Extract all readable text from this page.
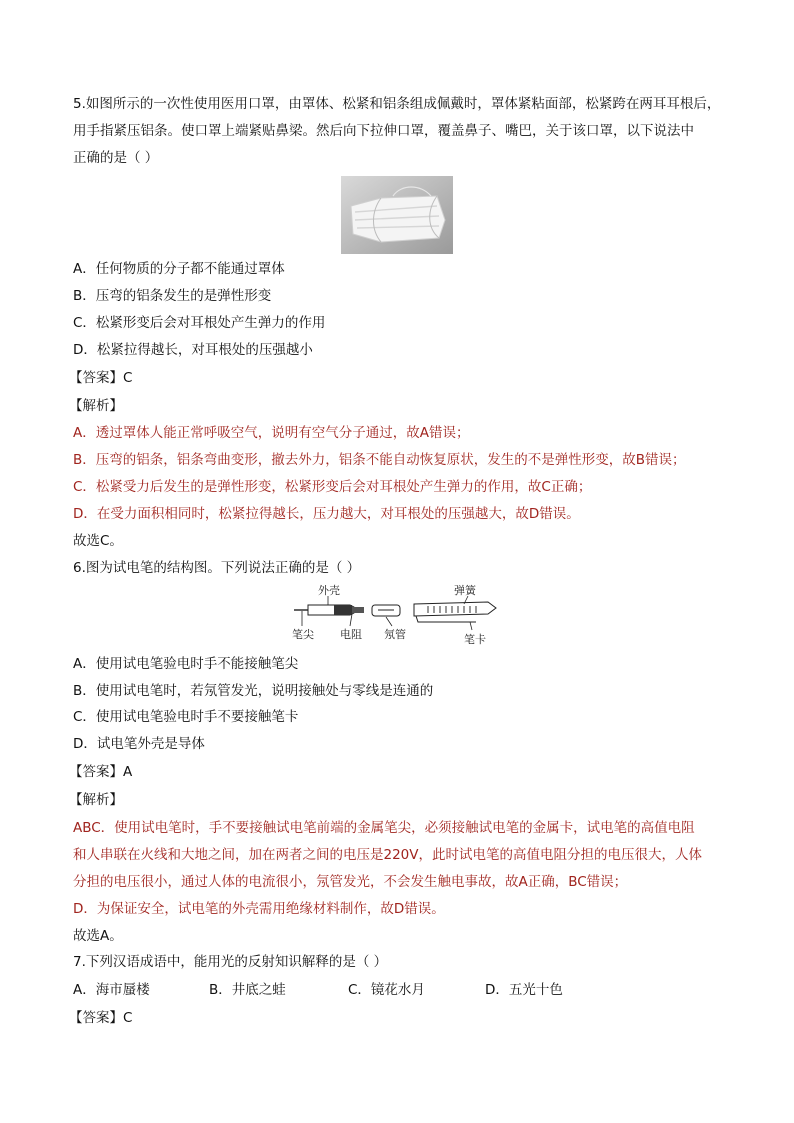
5.如图所示的一次性使用医用口罩，由罩体、松紧和铝条组成佩戴时，罩体紧粘面部，松紧跨在两耳耳根后，
用手指紧压铝条。使口罩上端紧贴鼻梁。然后向下拉伸口罩，覆盖鼻子、嘴巴，关于该口罩，以下说法中
正确的是（ ）
A．任何物质的分子都不能通过罩体
B．压弯的铝条发生的是弹性形变
C．松紧形变后会对耳根处产生弹力的作用
D．松紧拉得越长，对耳根处的压强越小
【答案】C
【解析】
A．透过罩体人能正常呼吸空气，说明有空气分子通过，故A错误；
B．压弯的铝条，铝条弯曲变形，撤去外力，铝条不能自动恢复原状，发生的不是弹性形变，故B错误；
C．松紧受力后发生的是弹性形变，松紧形变后会对耳根处产生弹力的作用，故C正确；
D．在受力面积相同时，松紧拉得越长，压力越大，对耳根处的压强越大，故D错误。
故选C。
6.图为试电笔的结构图。下列说法正确的是（ ）
外壳	弹簧
笔尖 电阻 氖管	笔卡
A．使用试电笔验电时手不能接触笔尖
B．使用试电笔时，若氖管发光，说明接触处与零线是连通的
C．使用试电笔验电时手不要接触笔卡
D．试电笔外壳是导体
【答案】A
【解析】
ABC．使用试电笔时，手不要接触试电笔前端的金属笔尖，必须接触试电笔的金属卡，试电笔的高值电阻
和人串联在火线和大地之间，加在两者之间的电压是220V，此时试电笔的高值电阻分担的电压很大，人体
分担的电压很小，通过人体的电流很小，氖管发光，不会发生触电事故，故A正确，BC错误；
D．为保证安全，试电笔的外壳需用绝缘材料制作，故D错误。
故选A。
7.下列汉语成语中，能用光的反射知识解释的是（ ）
A．海市蜃楼	B．井底之蛙	C．镜花水月	D．五光十色
【答案】C
